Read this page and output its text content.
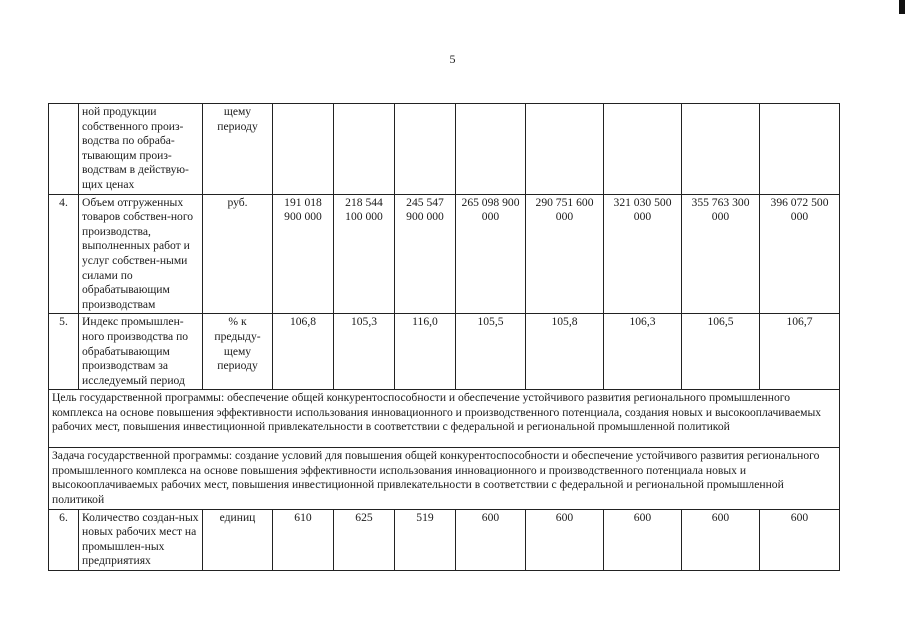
5
	ной продукции собственного произ-водства по обраба-тывающим произ-водствам в действую-щих ценах	щему периоду								
4.	Объем отгруженных товаров собствен-ного производства, выполненных работ и услуг собствен-ными силами по обрабатывающим производствам	руб.	191 018 900 000	218 544 100 000	245 547 900 000	265 098 900 000	290 751 600 000	321 030 500 000	355 763 300 000	396 072 500 000
5.	Индекс промышлен-ного производства по обрабатывающим производствам за исследуемый период	% к предыду-щему периоду	106,8	105,3	116,0	105,5	105,8	106,3	106,5	106,7
Цель государственной программы: обеспечение общей конкурентоспособности и обеспечение устойчивого развития регионального промышленного комплекса на основе повышения эффективности использования инновационного и производственного потенциала, создания новых и высокооплачиваемых рабочих мест, повышения инвестиционной привлекательности в соответствии с федеральной и региональной промышленной политикой										
Задача государственной программы: создание условий для повышения общей конкурентоспособности и обеспечение устойчивого развития регионального промышленного комплекса на основе повышения эффективности использования инновационного и производственного потенциала новых и высокооплачиваемых рабочих мест, повышения инвестиционной привлекательности в соответствии с федеральной и региональной промышленной политикой										
6.	Количество создан-ных новых рабочих мест на промышлен-ных предприятиях	единиц	610	625	519	600	600	600	600	600
